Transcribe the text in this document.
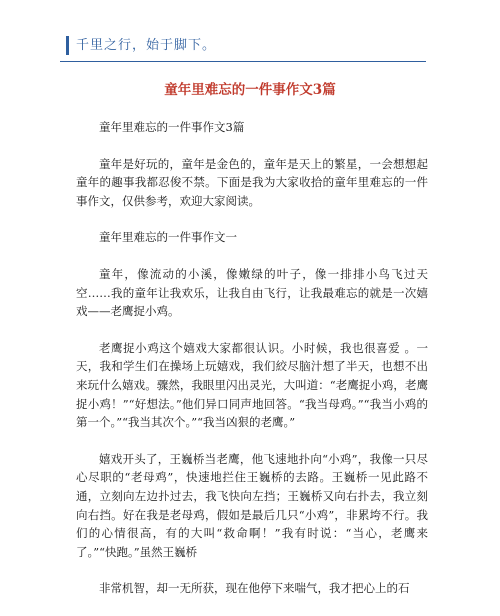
千里之行，始于脚下。
童年里难忘的一件事作文3篇

童年里难忘的一件事作文3篇

童年是好玩的，童年是金色的，童年是天上的繁星，一会想想起童年的趣事我都忍俊不禁。下面是我为大家收拾的童年里难忘的一件事作文，仅供参考，欢迎大家阅读。

童年里难忘的一件事作文一

童年，像流动的小溪，像嫩绿的叶子，像一排排小鸟飞过天空……我的童年让我欢乐，让我自由飞行，让我最难忘的就是一次嬉戏——老鹰捉小鸡。

老鹰捉小鸡这个嬉戏大家都很认识。小时候，我也很喜爱 。一天，我和学生们在操场上玩嬉戏，我们絞尽脑汁想了半天，也想不出来玩什么嬉戏。骤然，我眼里闪出灵光，大叫道：“老鹰捉小鸡，老鹰捉小鸡！”“好想法。”他们异口同声地回答。“我当母鸡。”“我当小鸡的第一个。”“我当其次个。”“我当凶狠的老鹰。”

嬉戏开头了，王巍桥当老鹰，他飞速地扑向“小鸡”，我像一只尽心尽职的“老母鸡”，快速地拦住王巍桥的去路。王巍桥一见此路不通，立刻向左边扑过去，我飞快向左挡；王巍桥又向右扑去，我立刻向右挡。好在我是老母鸡，假如是最后几只“小鸡”，非累垮不行。我们的心情很高，有的大叫“救命啊！”我有时说：“当心，老鹰来了。”“快跑。”虽然王巍桥

非常机智，却一无所获，现在他停下来喘气，我才把心上的石
